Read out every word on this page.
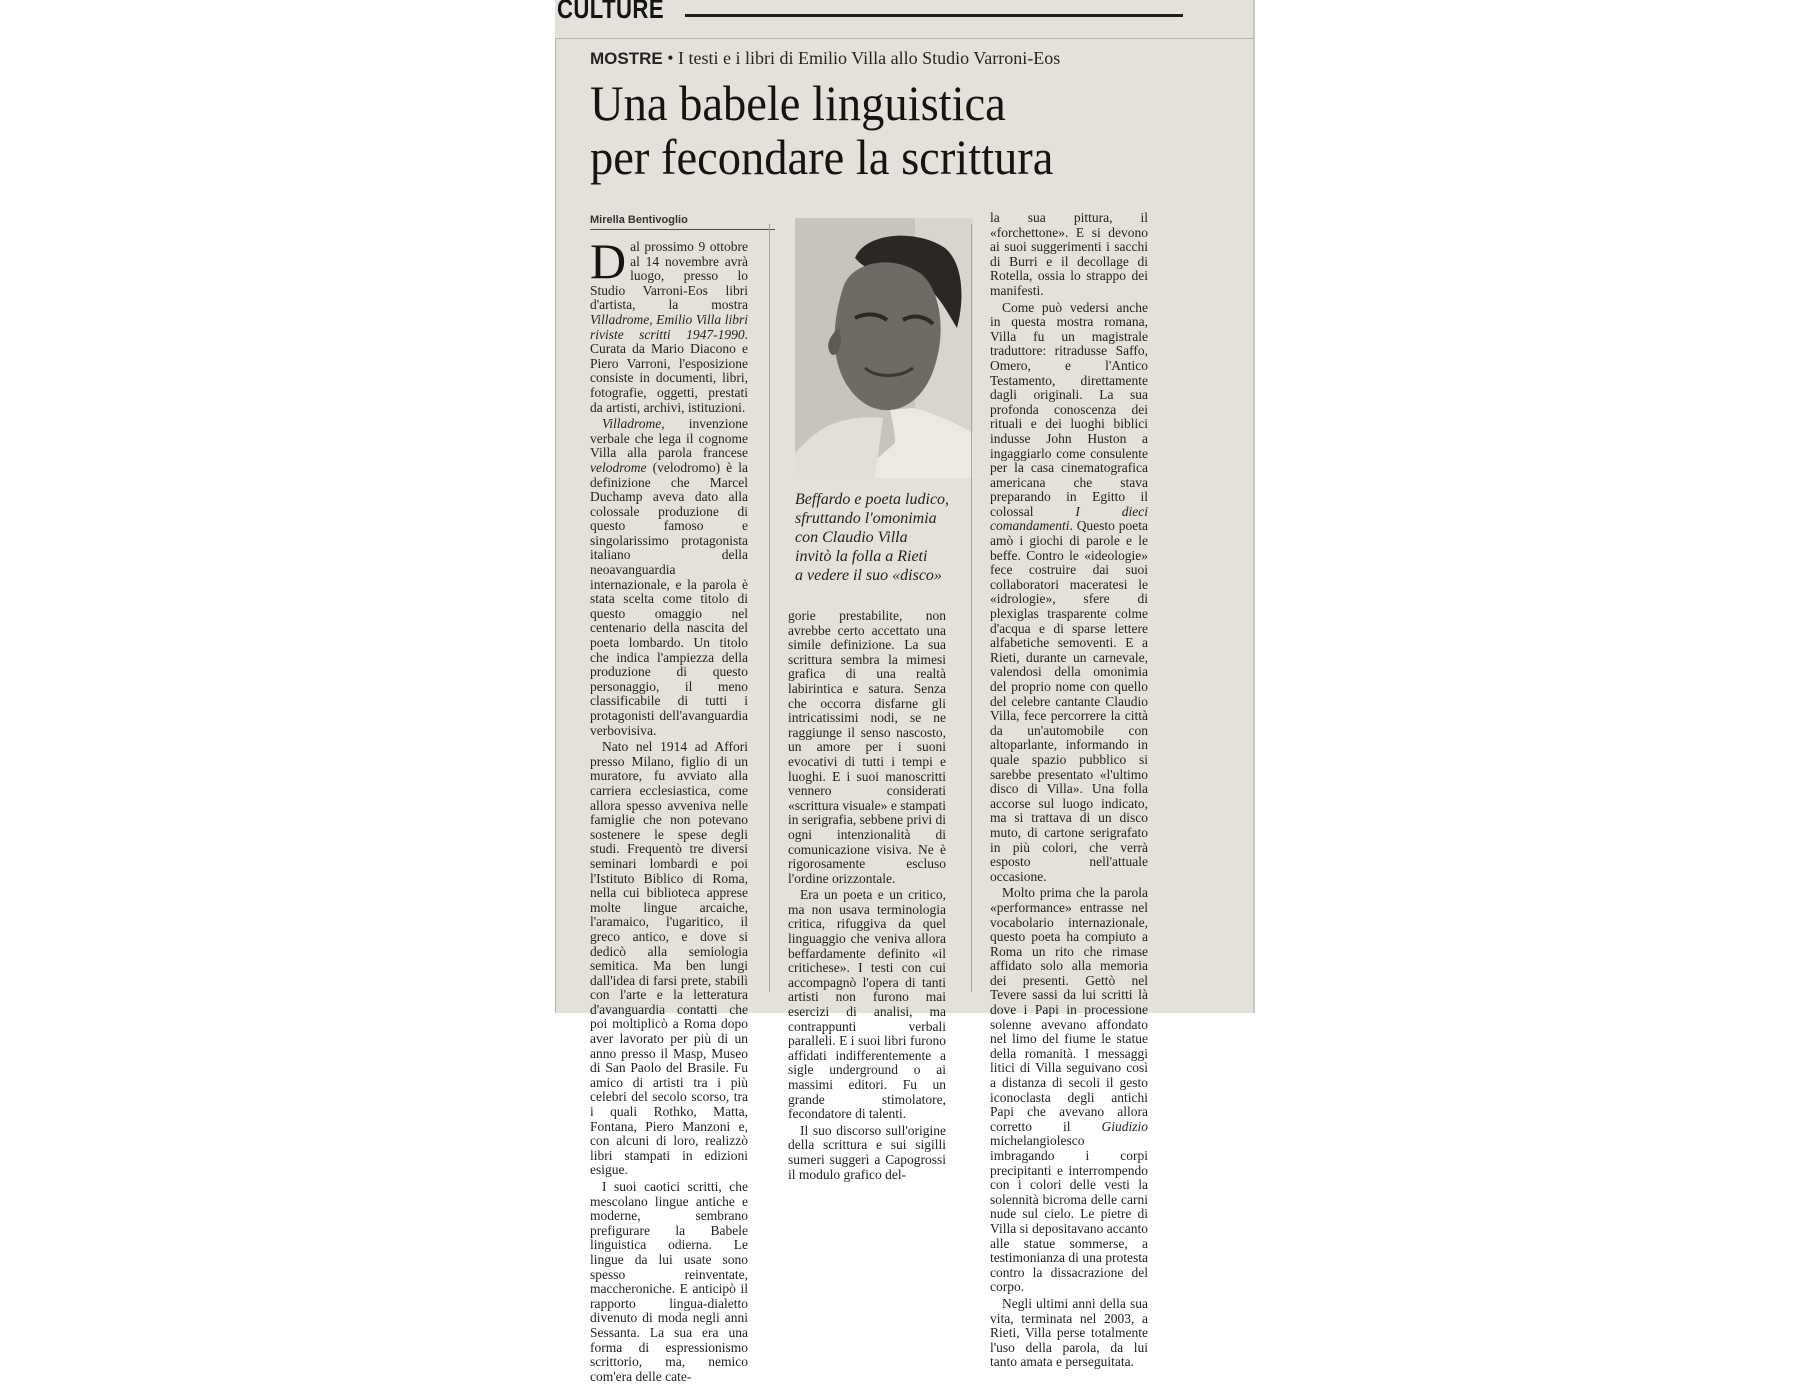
CULTURE
MOSTRE • I testi e i libri di Emilio Villa allo Studio Varroni-Eos
Una babele linguistica
per fecondare la scrittura
Mirella Bentivoglio

Dal prossimo 9 ottobre al 14 novembre avrà luogo, presso lo Studio Varroni-Eos libri d'artista, la mostra Villadrome, Emilio Villa libri riviste scritti 1947-1990. Curata da Mario Diacono e Piero Varroni, l'esposizione consiste in documenti, libri, fotografie, oggetti, prestati da artisti, archivi, istituzioni.

Villadrome, invenzione verbale che lega il cognome Villa alla parola francese velodrome (velodromo) è la definizione che Marcel Duchamp aveva dato alla colossale produzione di questo famoso e singolarissimo protagonista italiano della neoavanguardia internazionale, e la parola è stata scelta come titolo di questo omaggio nel centenario della nascita del poeta lombardo. Un titolo che indica l'ampiezza della produzione di questo personaggio, il meno classificabile di tutti i protagonisti dell'avanguardia verbovisiva.

Nato nel 1914 ad Affori presso Milano, figlio di un muratore, fu avviato alla carriera ecclesiastica, come allora spesso avveniva nelle famiglie che non potevano sostenere le spese degli studi. Frequentò tre diversi seminari lombardi e poi l'Istituto Biblico di Roma, nella cui biblioteca apprese molte lingue arcaiche, l'aramaico, l'ugaritico, il greco antico, e dove si dedicò alla semiologia semitica. Ma ben lungi dall'idea di farsi prete, stabilì con l'arte e la letteratura d'avanguardia contatti che poi moltiplicò a Roma dopo aver lavorato per più di un anno presso il Masp, Museo di San Paolo del Brasile. Fu amico di artisti tra i più celebri del secolo scorso, tra i quali Rothko, Matta, Fontana, Piero Manzoni e, con alcuni di loro, realizzò libri stampati in edizioni esigue.

I suoi caotici scritti, che mescolano lingue antiche e moderne, sembrano prefigurare la Babele linguistica odierna. Le lingue da lui usate sono spesso reinventate, maccheroniche. E anticipò il rapporto lingua-dialetto divenuto di moda negli anni Sessanta. La sua era una forma di espressionismo scrittorio, ma, nemico com'era delle cate-

Beffardo e poeta ludico,
sfruttando l'omonimia
con Claudio Villa
invitò la folla a Rieti
a vedere il suo «disco»

gorie prestabilite, non avrebbe certo accettato una simile definizione. La sua scrittura sembra la mimesi grafica di una realtà labirintica e satura. Senza che occorra disfarne gli intricatissimi nodi, se ne raggiunge il senso nascosto, un amore per i suoni evocativi di tutti i tempi e luoghi. E i suoi manoscritti vennero considerati «scrittura visuale» e stampati in serigrafia, sebbene privi di ogni intenzionalità di comunicazione visiva. Ne è rigorosamente escluso l'ordine orizzontale.

Era un poeta e un critico, ma non usava terminologia critica, rifuggiva da quel linguaggio che veniva allora beffardamente definito «il critichese». I testi con cui accompagnò l'opera di tanti artisti non furono mai esercizi di analisi, ma contrappunti verbali paralleli. E i suoi libri furono affidati indifferentemente a sigle underground o ai massimi editori. Fu un grande stimolatore, fecondatore di talenti.

Il suo discorso sull'origine della scrittura e sui sigilli sumeri suggerì a Capogrossi il modulo grafico del-

la sua pittura, il «forchettone». E si devono ai suoi suggerimenti i sacchi di Burri e il decollage di Rotella, ossia lo strappo dei manifesti.

Come può vedersi anche in questa mostra romana, Villa fu un magistrale traduttore: ritradusse Saffo, Omero, e l'Antico Testamento, direttamente dagli originali. La sua profonda conoscenza dei rituali e dei luoghi biblici indusse John Huston a ingaggiarlo come consulente per la casa cinematografica americana che stava preparando in Egitto il colossal I dieci comandamenti. Questo poeta amò i giochi di parole e le beffe. Contro le «ideologie» fece costruire dai suoi collaboratori maceratesi le «idrologie», sfere di plexiglas trasparente colme d'acqua e di sparse lettere alfabetiche semoventi. E a Rieti, durante un carnevale, valendosi della omonimia del proprio nome con quello del celebre cantante Claudio Villa, fece percorrere la città da un'automobile con altoparlante, informando in quale spazio pubblico si sarebbe presentato «l'ultimo disco di Villa». Una folla accorse sul luogo indicato, ma si trattava di un disco muto, di cartone serigrafato in più colori, che verrà esposto nell'attuale occasione.

Molto prima che la parola «performance» entrasse nel vocabolario internazionale, questo poeta ha compiuto a Roma un rito che rimase affidato solo alla memoria dei presenti. Gettò nel Tevere sassi da lui scritti là dove i Papi in processione solenne avevano affondato nel limo del fiume le statue della romanità. I messaggi litici di Villa seguivano così a distanza di secoli il gesto iconoclasta degli antichi Papi che avevano allora corretto il Giudizio michelangiolesco imbragando i corpi precipitanti e interrompendo con i colori delle vesti la solennità bicroma delle carni nude sul cielo. Le pietre di Villa si depositavano accanto alle statue sommerse, a testimonianza di una protesta contro la dissacrazione del corpo.

Negli ultimi anni della sua vita, terminata nel 2003, a Rieti, Villa perse totalmente l'uso della parola, da lui tanto amata e perseguitata.
